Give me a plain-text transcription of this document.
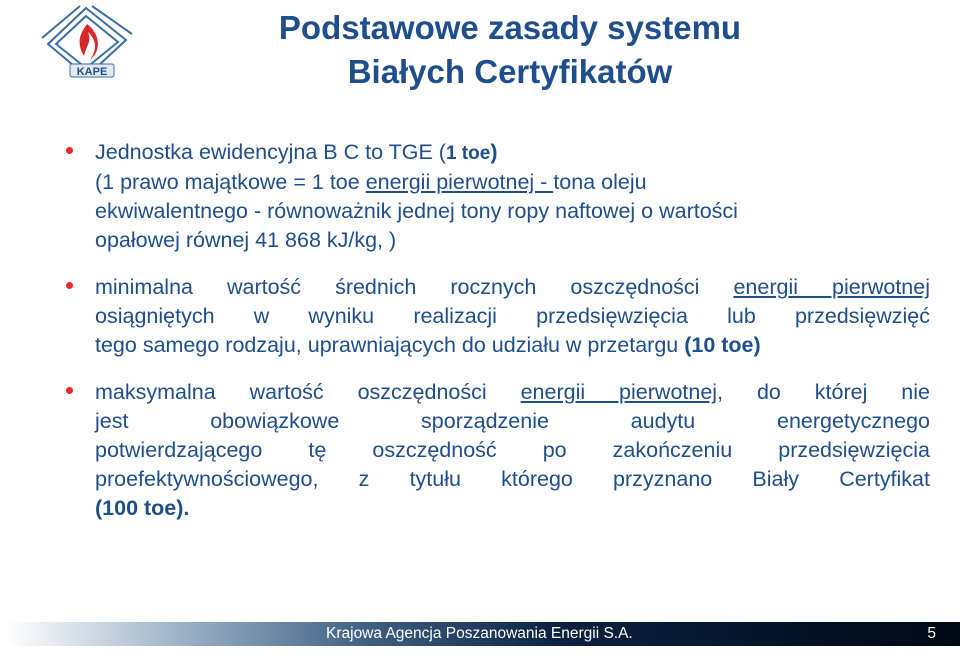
KAPE
Podstawowe zasady systemu
Białych Certyfikatów
Jednostka ewidencyjna B C to TGE (1 toe)
(1 prawo majątkowe = 1 toe energii pierwotnej - tona oleju
ekwiwalentnego - równoważnik jednej tony ropy naftowej o wartości
opałowej równej 41 868 kJ/kg, )
minimalna wartość średnich rocznych oszczędności energii pierwotnej
osiągniętych w wyniku realizacji przedsięwzięcia lub przedsięwzięć
tego samego rodzaju, uprawniających do udziału w przetargu (10 toe)
maksymalna wartość oszczędności energii pierwotnej, do której nie
jest obowiązkowe sporządzenie audytu energetycznego
potwierdzającego tę oszczędność po zakończeniu przedsięwzięcia
proefektywnościowego, z tytułu którego przyznano Biały Certyfikat
(100 toe).
Krajowa Agencja Poszanowania Energii S.A.	5
